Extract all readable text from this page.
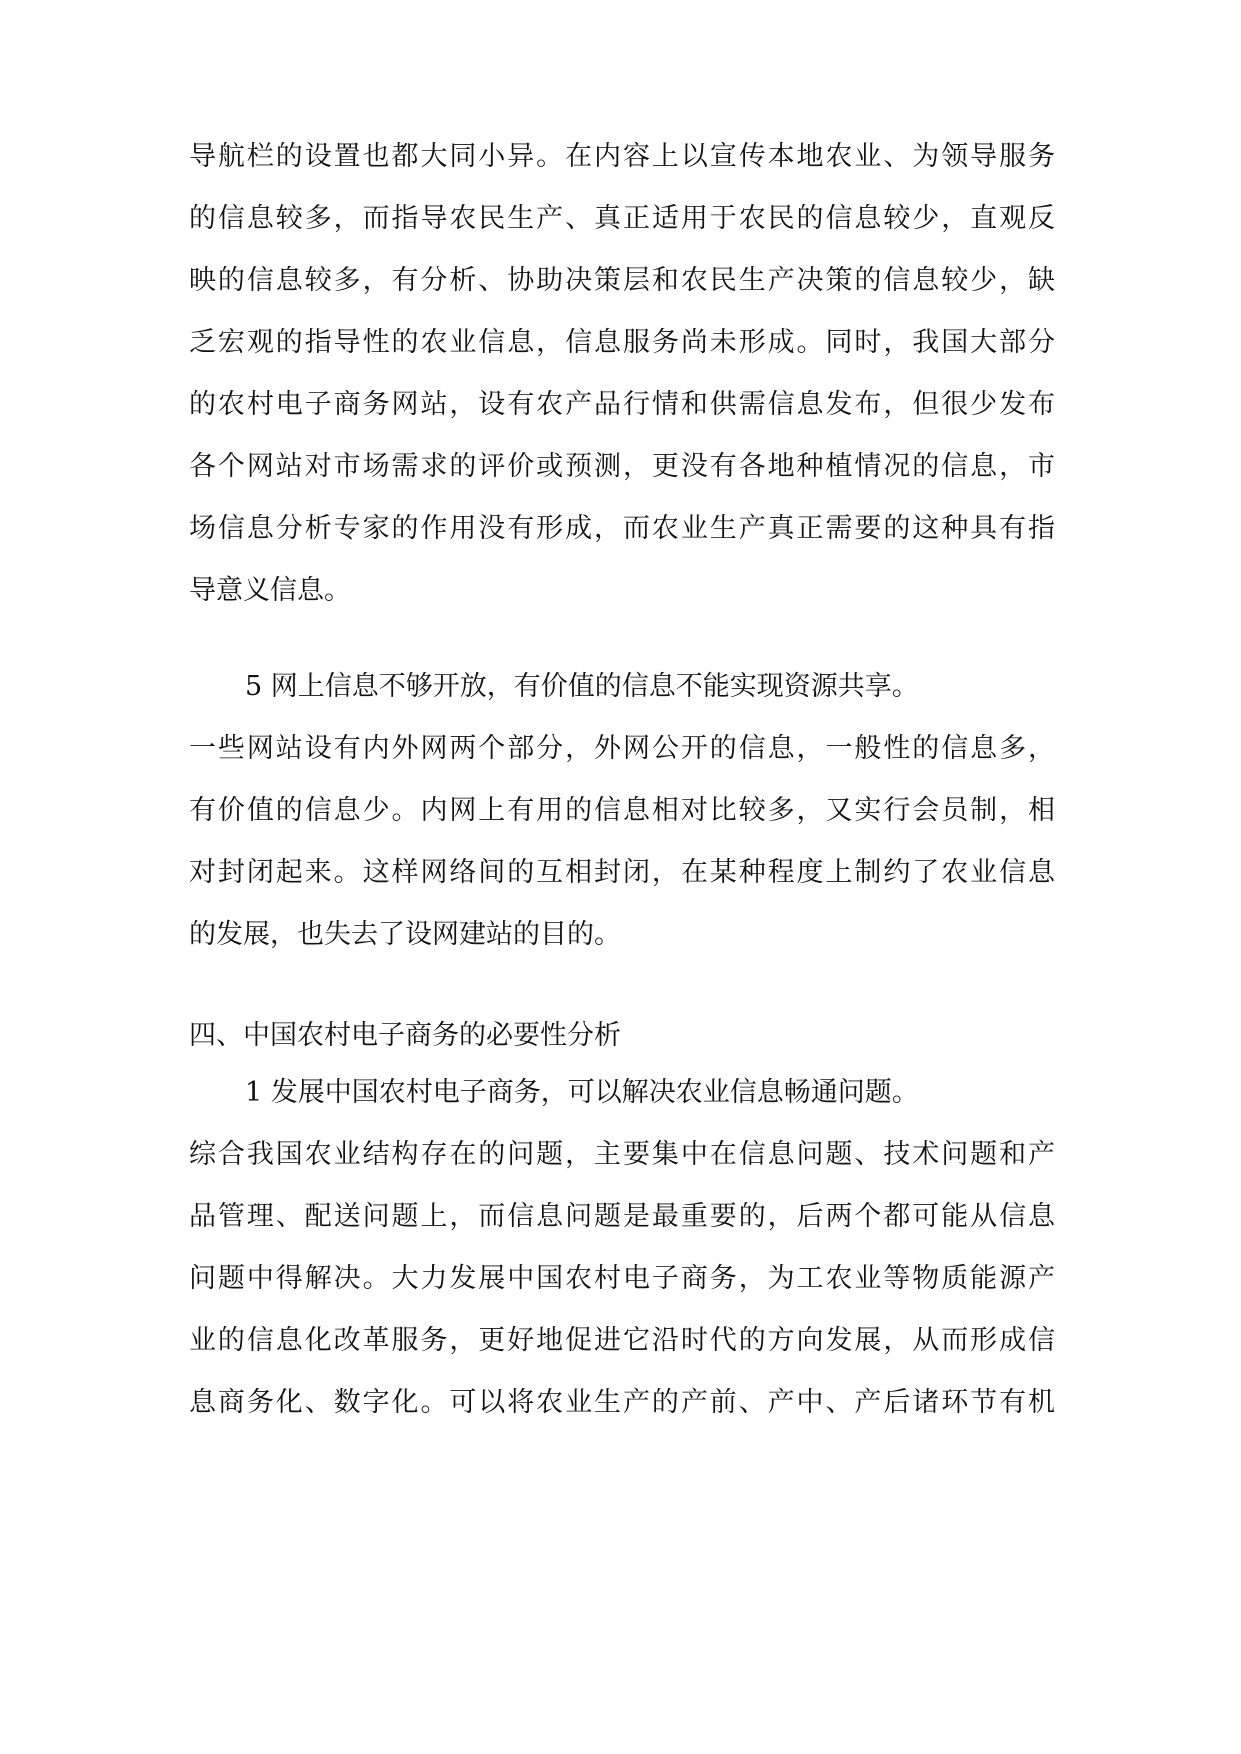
导航栏的设置也都大同小异。在内容上以宣传本地农业、为领导服务
的信息较多，而指导农民生产、真正适用于农民的信息较少，直观反
映的信息较多，有分析、协助决策层和农民生产决策的信息较少，缺
乏宏观的指导性的农业信息，信息服务尚未形成。同时，我国大部分
的农村电子商务网站，设有农产品行情和供需信息发布，但很少发布
各个网站对市场需求的评价或预测，更没有各地种植情况的信息，市
场信息分析专家的作用没有形成，而农业生产真正需要的这种具有指
导意义信息。
5 网上信息不够开放，有价值的信息不能实现资源共享。
一些网站设有内外网两个部分，外网公开的信息，一般性的信息多，
有价值的信息少。内网上有用的信息相对比较多，又实行会员制，相
对封闭起来。这样网络间的互相封闭，在某种程度上制约了农业信息
的发展，也失去了设网建站的目的。
四、中国农村电子商务的必要性分析
1 发展中国农村电子商务，可以解决农业信息畅通问题。
综合我国农业结构存在的问题，主要集中在信息问题、技术问题和产
品管理、配送问题上，而信息问题是最重要的，后两个都可能从信息
问题中得解决。大力发展中国农村电子商务，为工农业等物质能源产
业的信息化改革服务，更好地促进它沿时代的方向发展，从而形成信
息商务化、数字化。可以将农业生产的产前、产中、产后诸环节有机
